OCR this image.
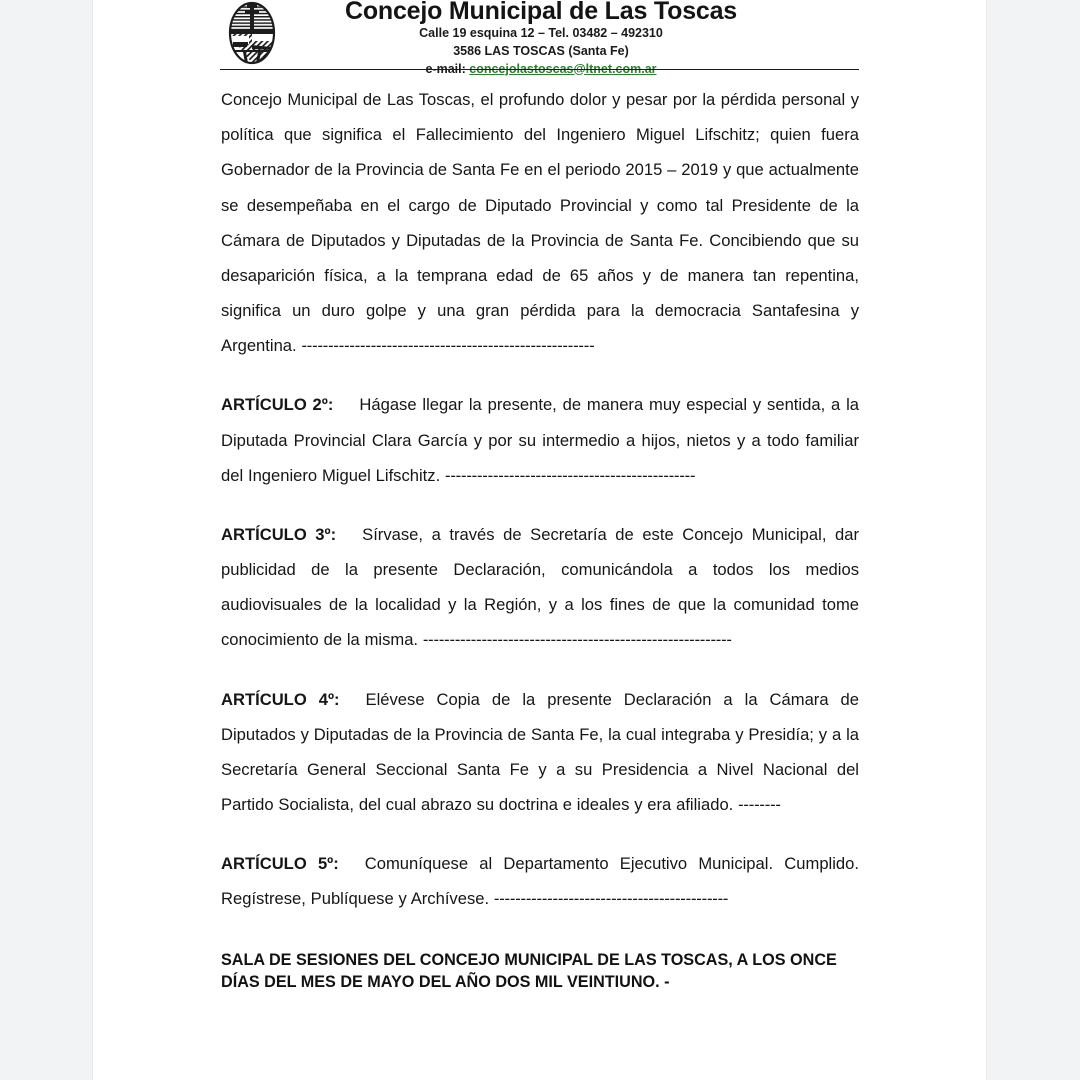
Concejo Municipal de Las Toscas
Calle 19 esquina 12 – Tel. 03482 – 492310
3586 LAS TOSCAS (Santa Fe)
e-mail: concejolastoscas@ltnet.com.ar

Concejo Municipal de Las Toscas, el profundo dolor y pesar por la pérdida personal y política que significa el Fallecimiento del Ingeniero Miguel Lifschitz; quien fuera Gobernador de la Provincia de Santa Fe en el periodo 2015 – 2019 y que actualmente se desempeñaba en el cargo de Diputado Provincial y como tal Presidente de la Cámara de Diputados y Diputadas de la Provincia de Santa Fe. Concibiendo que su desaparición física, a la temprana edad de 65 años y de manera tan repentina, significa un duro golpe y una gran pérdida para la democracia Santafesina y Argentina. -------------------------------------------------------

ARTÍCULO 2º: Hágase llegar la presente, de manera muy especial y sentida, a la Diputada Provincial Clara García y por su intermedio a hijos, nietos y a todo familiar del Ingeniero Miguel Lifschitz. -----------------------------------------------

ARTÍCULO 3º: Sírvase, a través de Secretaría de este Concejo Municipal, dar publicidad de la presente Declaración, comunicándola a todos los medios audiovisuales de la localidad y la Región, y a los fines de que la comunidad tome conocimiento de la misma. ----------------------------------------------------------

ARTÍCULO 4º: Elévese Copia de la presente Declaración a la Cámara de Diputados y Diputadas de la Provincia de Santa Fe, la cual integraba y Presidía; y a la Secretaría General Seccional Santa Fe y a su Presidencia a Nivel Nacional del Partido Socialista, del cual abrazo su doctrina e ideales y era afiliado. --------

ARTÍCULO 5º: Comuníquese al Departamento Ejecutivo Municipal. Cumplido. Regístrese, Publíquese y Archívese. --------------------------------------------

SALA DE SESIONES DEL CONCEJO MUNICIPAL DE LAS TOSCAS, A LOS ONCE DÍAS DEL MES DE MAYO DEL AÑO DOS MIL VEINTIUNO. -
